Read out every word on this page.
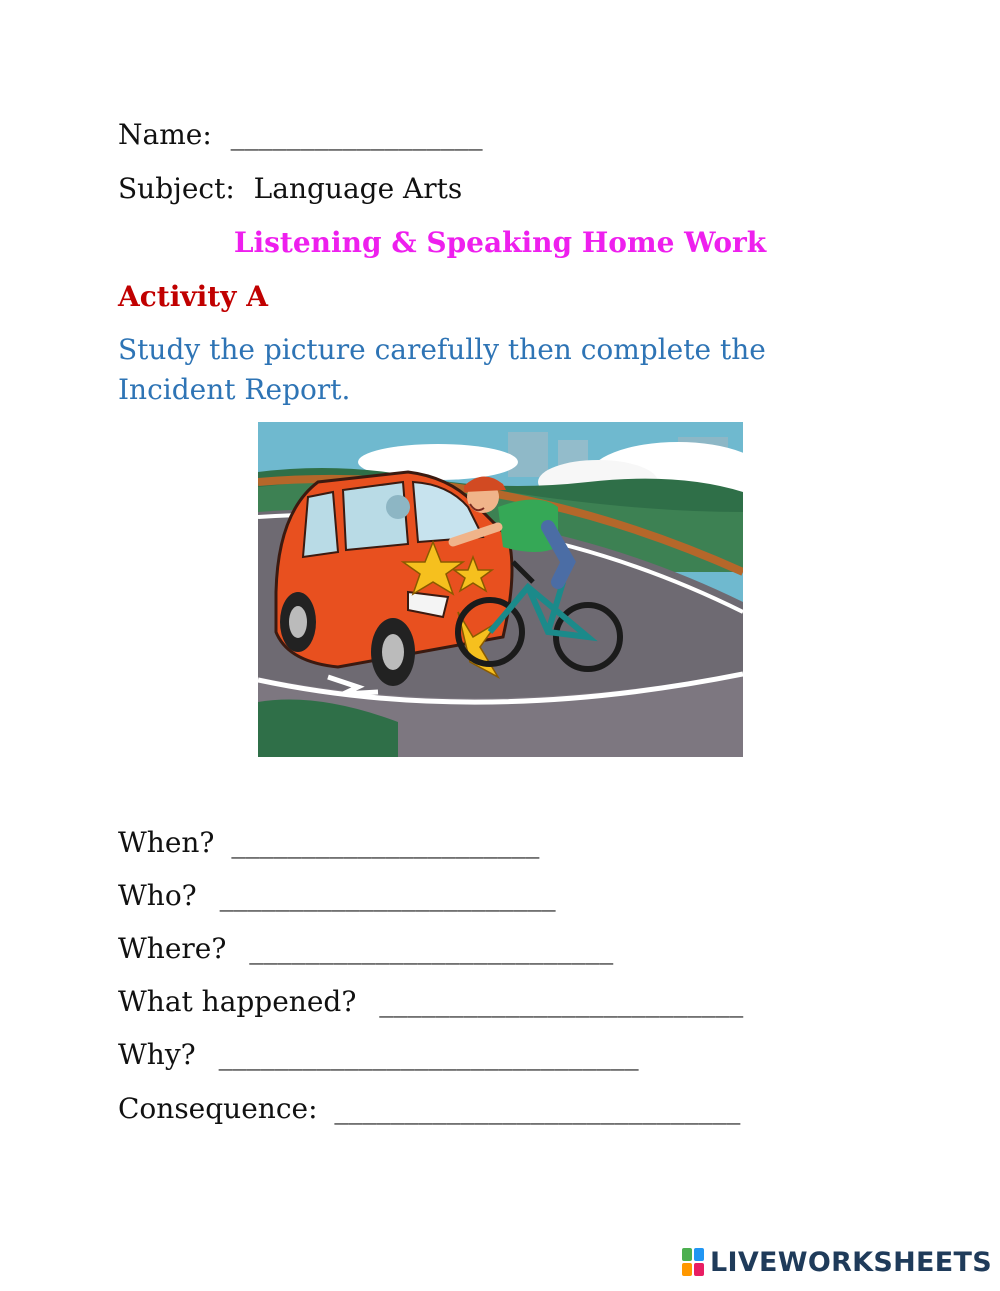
Name: __________________
Subject: Language Arts
Listening & Speaking Home Work
Activity A
Study the picture carefully then complete the Incident Report.
When? ______________________
Who? ________________________
Where? __________________________
What happened? __________________________
Why? ______________________________
Consequence: _____________________________
LIVEWORKSHEETS
